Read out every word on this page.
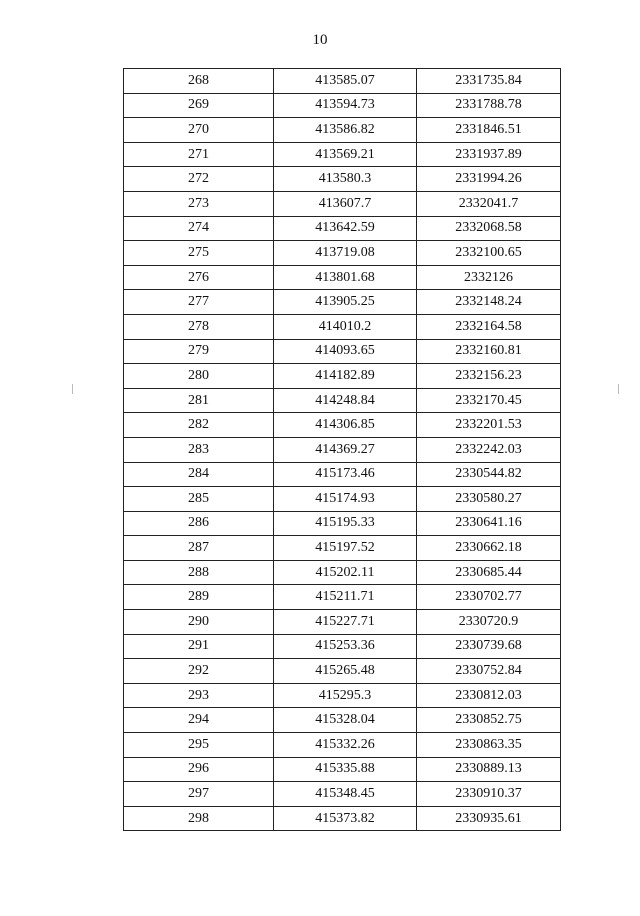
10
268	413585.07	2331735.84
269	413594.73	2331788.78
270	413586.82	2331846.51
271	413569.21	2331937.89
272	413580.3	2331994.26
273	413607.7	2332041.7
274	413642.59	2332068.58
275	413719.08	2332100.65
276	413801.68	2332126
277	413905.25	2332148.24
278	414010.2	2332164.58
279	414093.65	2332160.81
280	414182.89	2332156.23
281	414248.84	2332170.45
282	414306.85	2332201.53
283	414369.27	2332242.03
284	415173.46	2330544.82
285	415174.93	2330580.27
286	415195.33	2330641.16
287	415197.52	2330662.18
288	415202.11	2330685.44
289	415211.71	2330702.77
290	415227.71	2330720.9
291	415253.36	2330739.68
292	415265.48	2330752.84
293	415295.3	2330812.03
294	415328.04	2330852.75
295	415332.26	2330863.35
296	415335.88	2330889.13
297	415348.45	2330910.37
298	415373.82	2330935.61
